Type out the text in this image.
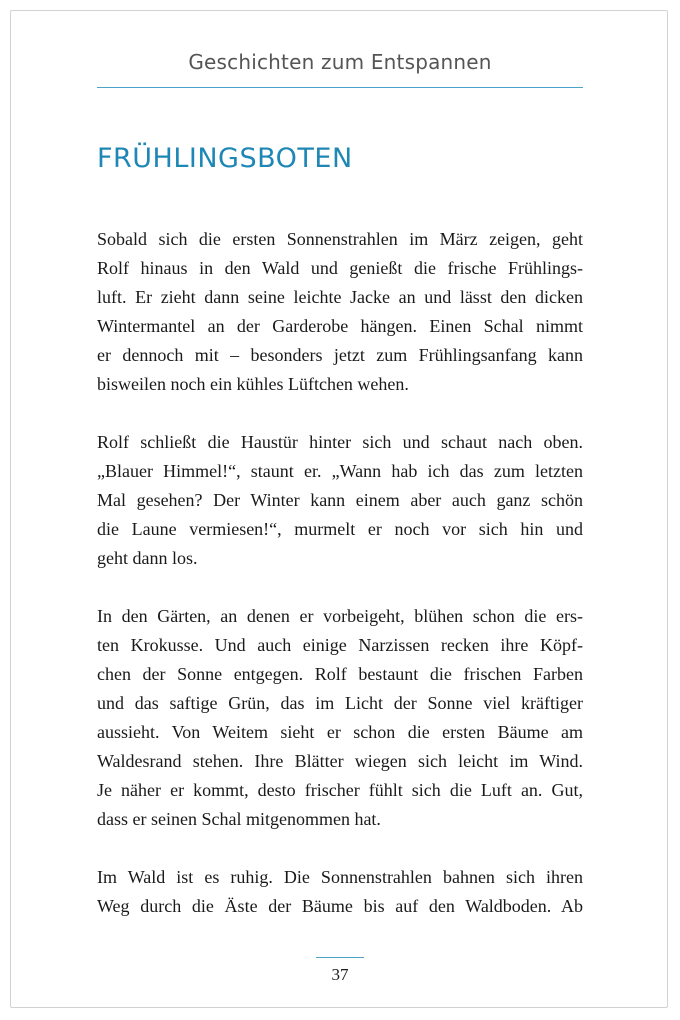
Geschichten zum Entspannen
FRÜHLINGSBOTEN

Sobald sich die ersten Sonnenstrahlen im März zeigen, geht
Rolf hinaus in den Wald und genießt die frische Frühlings-
luft. Er zieht dann seine leichte Jacke an und lässt den dicken
Wintermantel an der Garderobe hängen. Einen Schal nimmt
er dennoch mit – besonders jetzt zum Frühlingsanfang kann
bisweilen noch ein kühles Lüftchen wehen.

Rolf schließt die Haustür hinter sich und schaut nach oben.
„Blauer Himmel!“, staunt er. „Wann hab ich das zum letzten
Mal gesehen? Der Winter kann einem aber auch ganz schön
die Laune vermiesen!“, murmelt er noch vor sich hin und
geht dann los.

In den Gärten, an denen er vorbeigeht, blühen schon die ers-
ten Krokusse. Und auch einige Narzissen recken ihre Köpf-
chen der Sonne entgegen. Rolf bestaunt die frischen Farben
und das saftige Grün, das im Licht der Sonne viel kräftiger
aussieht. Von Weitem sieht er schon die ersten Bäume am
Waldesrand stehen. Ihre Blätter wiegen sich leicht im Wind.
Je näher er kommt, desto frischer fühlt sich die Luft an. Gut,
dass er seinen Schal mitgenommen hat.

Im Wald ist es ruhig. Die Sonnenstrahlen bahnen sich ihren
Weg durch die Äste der Bäume bis auf den Waldboden. Ab

37
